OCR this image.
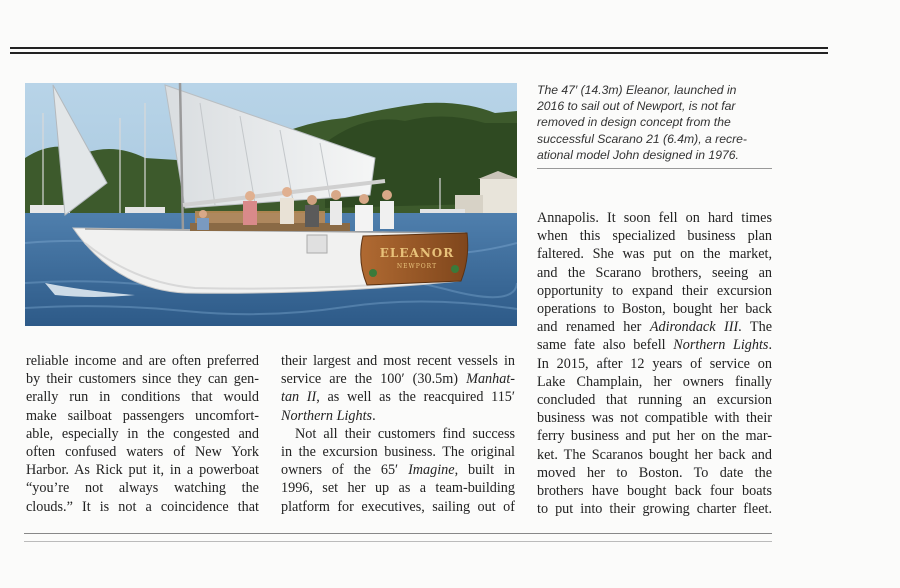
ELEANOR
NEWPORT
The 47′ (14.3m) Eleanor, launched in
2016 to sail out of Newport, is not far
removed in design concept from the
successful Scarano 21 (6.4m), a recre-
ational model John designed in 1976.
reliable income and are often preferred
by their customers since they can gen-
erally run in conditions that would
make sailboat passengers uncomfort-
able, especially in the congested and
often confused waters of New York
Harbor. As Rick put it, in a powerboat
“you’re not always watching the
clouds.” It is not a coincidence that
their largest and most recent vessels in
service are the 100′ (30.5m) Manhat-
tan II, as well as the reacquired 115′
Northern Lights.
Not all their customers find success
in the excursion business. The original
owners of the 65′ Imagine, built in
1996, set her up as a team-building
platform for executives, sailing out of
Annapolis. It soon fell on hard times
when this specialized business plan
faltered. She was put on the market,
and the Scarano brothers, seeing an
opportunity to expand their excursion
operations to Boston, bought her back
and renamed her Adirondack III. The
same fate also befell Northern Lights.
In 2015, after 12 years of service on
Lake Champlain, her owners finally
concluded that running an excursion
business was not compatible with their
ferry business and put her on the mar-
ket. The Scaranos bought her back and
moved her to Boston. To date the
brothers have bought back four boats
to put into their growing charter fleet.
